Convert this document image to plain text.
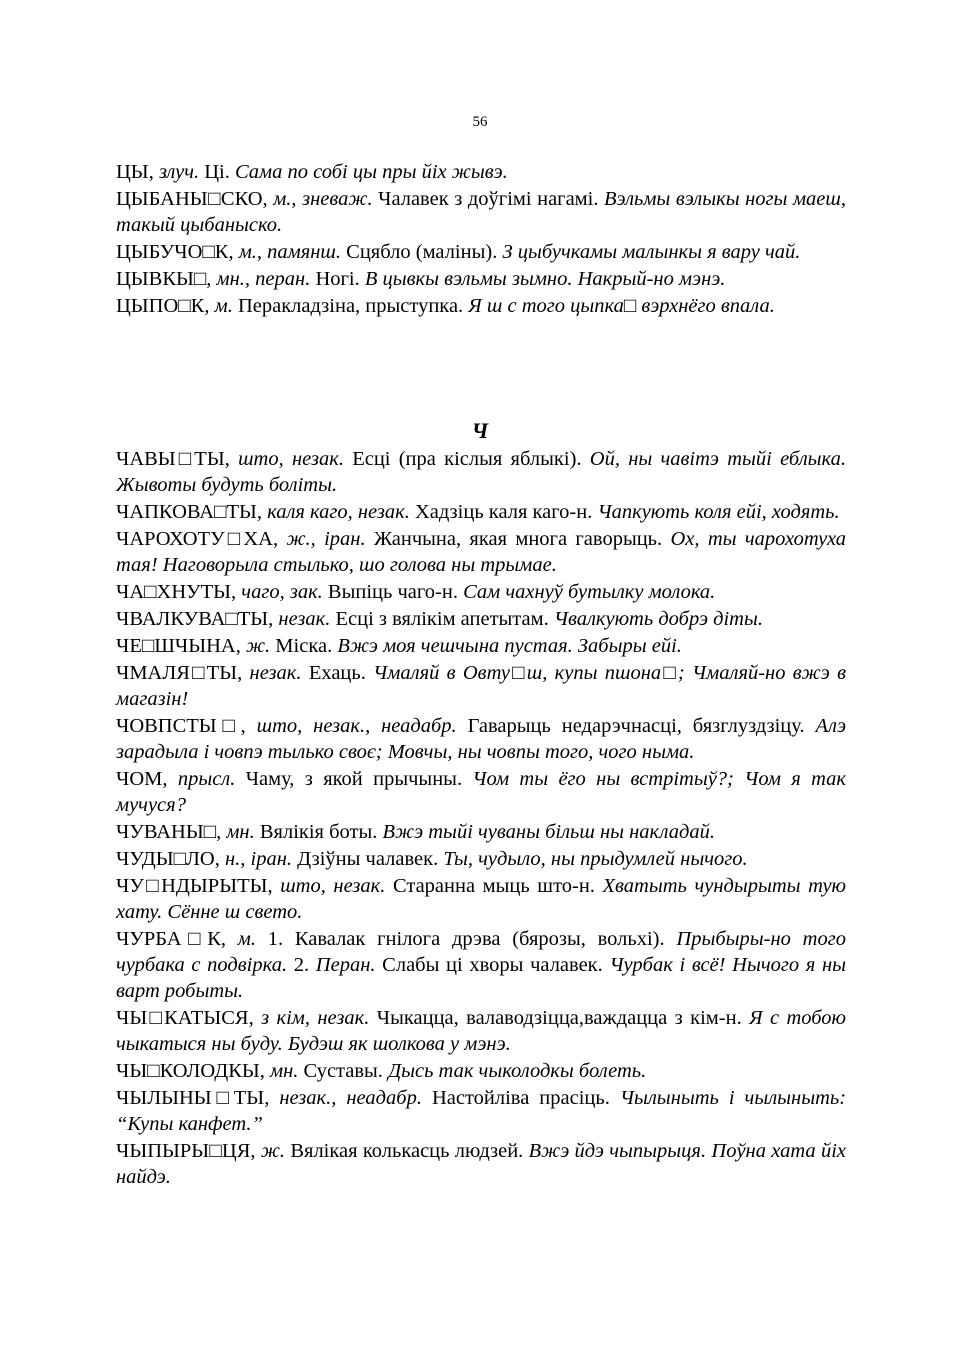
56

ЦЫ, злуч. Ці. Сама по собі цы пры йіх жывэ.

ЦЫБАНЫ□СКО, м., зневаж. Чалавек з доўгімі нагамі. Вэльмы вэлыкы ногы маеш, такый цыбаныско.

ЦЫБУЧО□К, м., памянш. Сцябло (маліны). З цыбучкамы малынкы я вару чай.

ЦЫВКЫ□, мн., перан. Ногі. В цывкы вэльмы зымно. Накрый-но мэнэ.

ЦЫПО□К, м. Перакладзіна, прыступка. Я ш с того цыпка□ вэрхнёго впала.

Ч

ЧАВЫ□ТЫ, што, незак. Есці (пра кіслыя яблыкі). Ой, ны чавітэ тыйі еблыка. Жывоты будуть боліты.

ЧАПКОВА□ТЫ, каля каго, незак. Хадзіць каля каго-н. Чапкують коля ейі, ходять.

ЧАРОХОТУ□ХА, ж., іран. Жанчына, якая многа гаворыць. Ох, ты чарохотуха тая! Наговорыла стылько, шо голова ны трымае.

ЧА□ХНУТЫ, чаго, зак. Выпіць чаго-н. Сам чахнуў бутылку молока.

ЧВАЛКУВА□ТЫ, незак. Есці з вялікім апетытам. Чвалкують добрэ діты.

ЧЕ□ШЧЫНА, ж. Міска. Вжэ моя чешчына пустая. Забыры ейі.

ЧМАЛЯ□ТЫ, незак. Ехаць. Чмаляй в Овту□ш, купы пшона□; Чмаляй-но вжэ в магазін!

ЧОВПСТЫ□, што, незак., неадабр. Гаварыць недарэчнасці, бязглуздзіцу. Алэ зарадыла і човпэ тылько своє; Мовчы, ны човпы того, чого ныма.

ЧОМ, прысл. Чаму, з якой прычыны. Чом ты ёго ны встрітыў?; Чом я так мучуся?

ЧУВАНЫ□, мн. Вялікія боты. Вжэ тыйі чуваны більш ны накладай.

ЧУДЫ□ЛО, н., іран. Дзіўны чалавек. Ты, чудыло, ны прыдумлей нычого.

ЧУ□НДЫРЫТЫ, што, незак. Старанна мыць што-н. Хватыть чундырыты тую хату. Сённе ш свето.

ЧУРБА□К, м. 1. Кавалак гнілога дрэва (бярозы, вольхі). Прыбыры-но того чурбака с подвірка. 2. Перан. Слабы ці хворы чалавек. Чурбак і всё! Нычого я ны варт робыты.

ЧЫ□КАТЫСЯ, з кім, незак. Чыкацца, валаводзіцца,важдацца з кім-н. Я с тобою чыкатыся ны буду. Будэш як шолкова у мэнэ.

ЧЫ□КОЛОДКЫ, мн. Суставы. Дысь так чыколодкы болеть.

ЧЫЛЫНЫ□ТЫ, незак., неадабр. Настойліва прасіць. Чылыныть і чылыныть: “Купы канфет.”

ЧЫПЫРЫ□ЦЯ, ж. Вялікая колькасць людзей. Вжэ йдэ чыпырыця. Поўна хата йіх найдэ.
